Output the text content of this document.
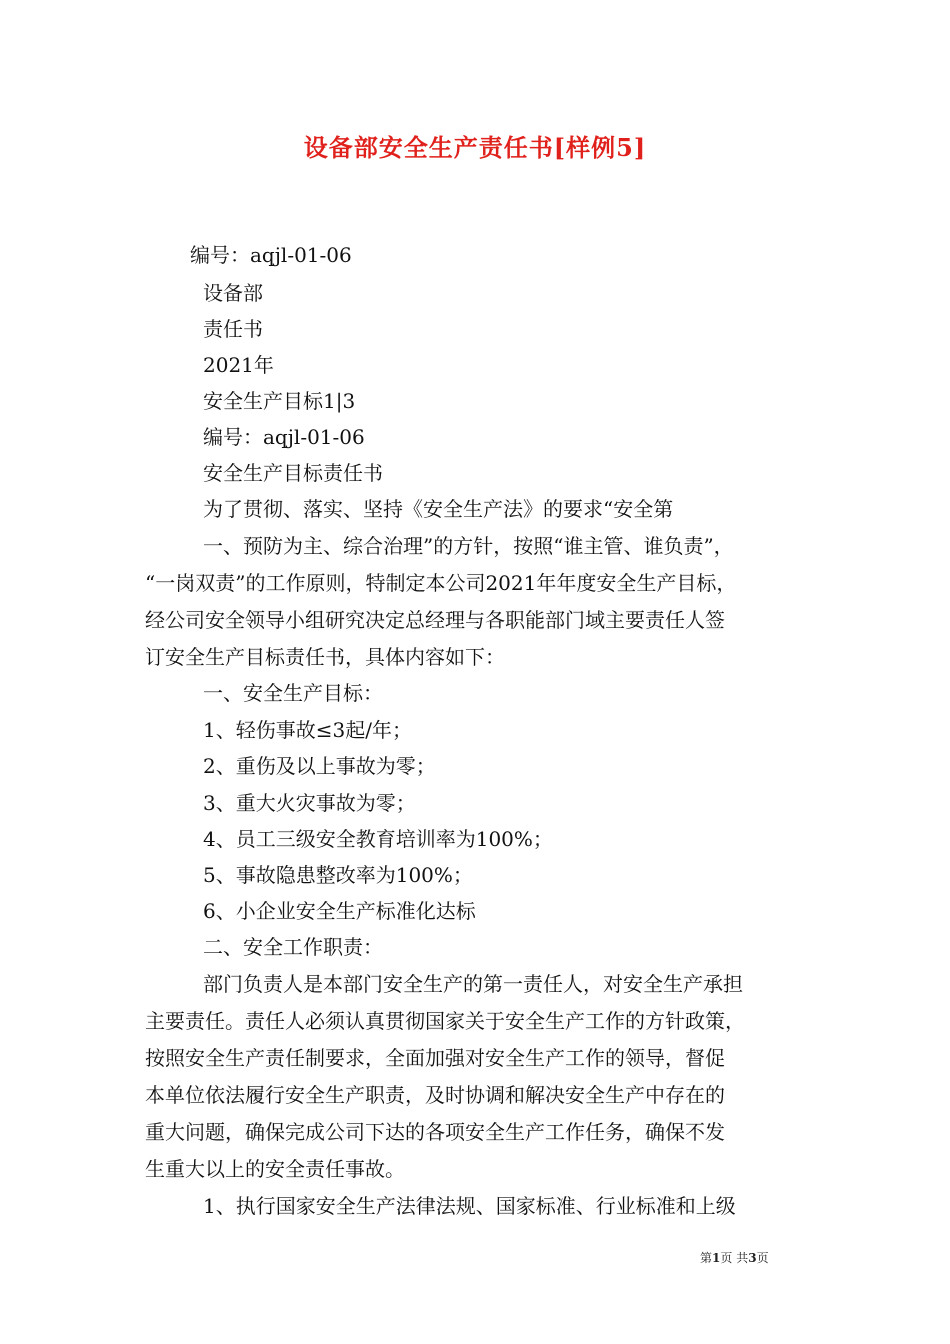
设备部安全生产责任书[样例5]
编号：aqjl-01-06
设备部
责任书
2021年
安全生产目标1|3
编号：aqjl-01-06
安全生产目标责任书
为了贯彻、落实、坚持《安全生产法》的要求“安全第
一、预防为主、综合治理”的方针，按照“谁主管、谁负责”，
“一岗双责”的工作原则，特制定本公司2021年年度安全生产目标，
经公司安全领导小组研究决定总经理与各职能部门域主要责任人签
订安全生产目标责任书，具体内容如下：
一、安全生产目标：
1、轻伤事故≤3起/年；
2、重伤及以上事故为零；
3、重大火灾事故为零；
4、员工三级安全教育培训率为100%；
5、事故隐患整改率为100%；
6、小企业安全生产标准化达标
二、安全工作职责：
部门负责人是本部门安全生产的第一责任人，对安全生产承担
主要责任。责任人必须认真贯彻国家关于安全生产工作的方针政策，
按照安全生产责任制要求，全面加强对安全生产工作的领导，督促
本单位依法履行安全生产职责，及时协调和解决安全生产中存在的
重大问题，确保完成公司下达的各项安全生产工作任务，确保不发
生重大以上的安全责任事故。
1、执行国家安全生产法律法规、国家标准、行业标准和上级
第1页 共3页
